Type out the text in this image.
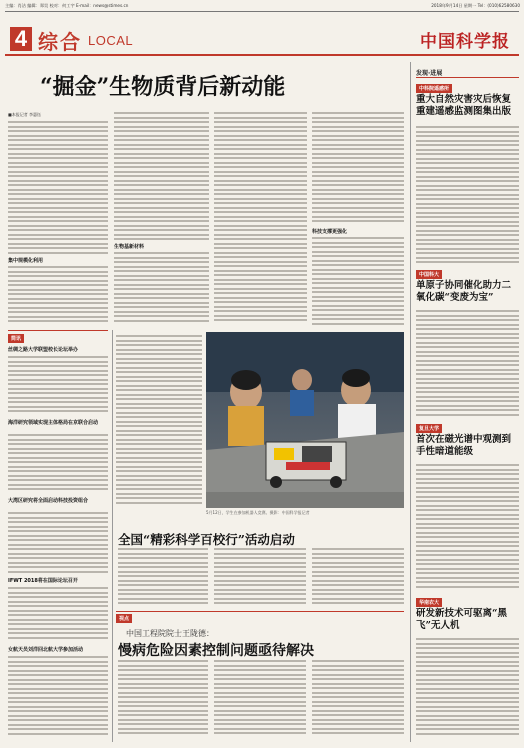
主编：肖洁 编辑：郑昊 校对：何工宇 E-mail：news@stimes.cn	2018年9月14日 星期一 Tel：(010)62580630
4 综合 LOCAL	中国科学报
“掘金”生物质背后新动能
■本报记者 李惠钰
集中规模化利用
生物基新材料
科技支撑更强化
简讯
丝绸之路大学联盟校长论坛举办
海洋研究领域实现主体格局在京联合启动
大湾区研究将全面启动科技投资组合
IFWT 2018将在国际论坛召开
女航天员刘洋回北航大学参加活动
5月12日，学生在参加机器人竞赛。摄影：中国科学报记者
全国“精彩科学百校行”活动启动
视点
中国工程院院士王陇德：
慢病危险因素控制问题亟待解决
发现·进展
中科院遥感所
重大自然灾害灾后恢复重建遥感监测图集出版
中国科大
单原子协同催化助力二氧化碳“变废为宝”
复旦大学
首次在磁光谱中观测到手性暗道能级
华南农大
研发新技术可驱离“黑飞”无人机
